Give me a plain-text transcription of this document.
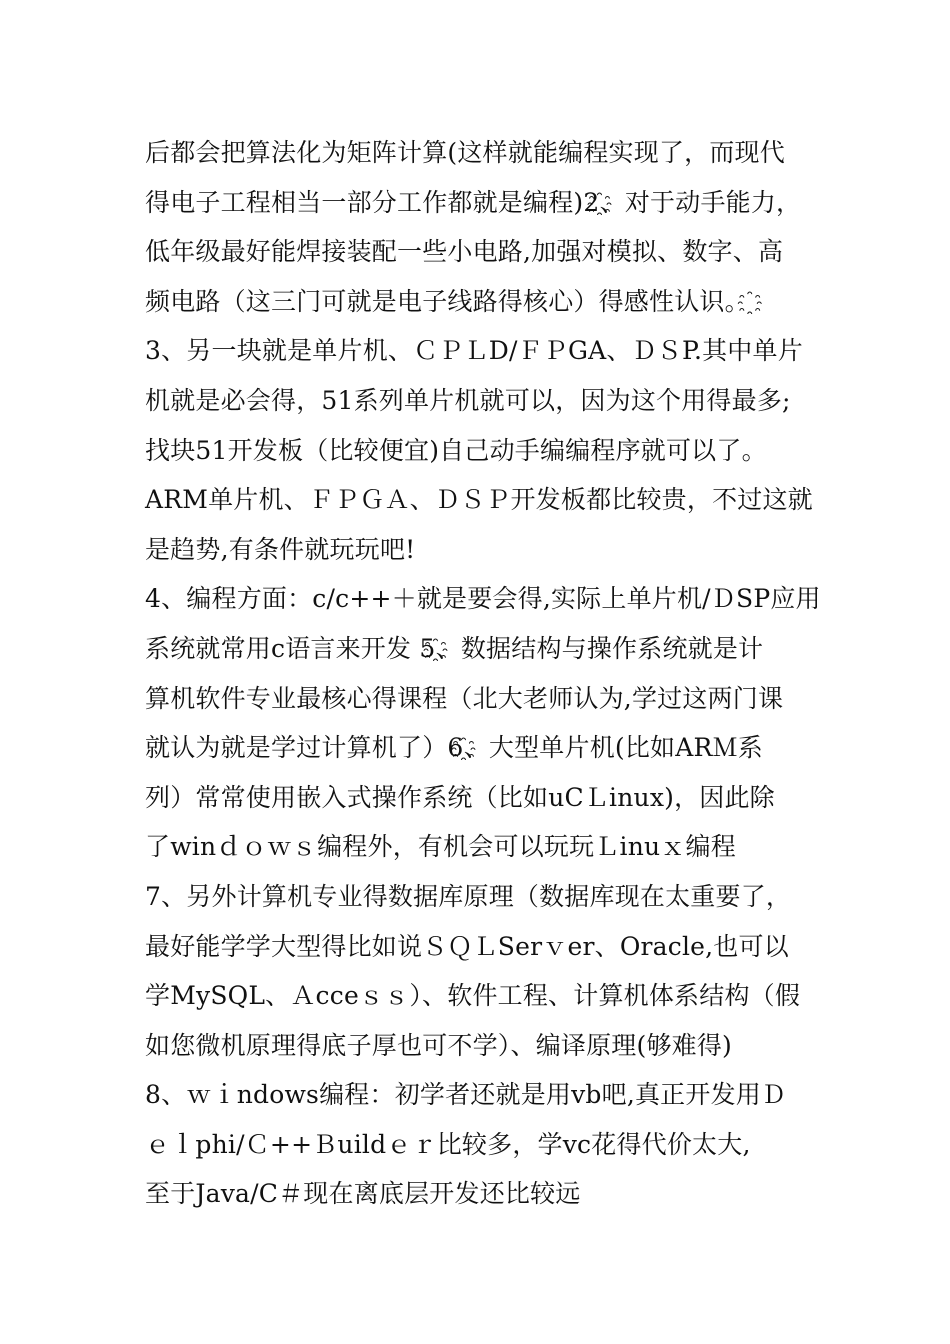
后都会把算法化为矩阵计算(这样就能编程实现了，而现代
得电子工程相当一部分工作都就是编程)2҈、对于动手能力，
低年级最好能焊接装配一些小电路,加强对模拟、数字、高
频电路（这三门可就是电子线路得核心）得感性认识。҈
3、另一块就是单片机、ＣＰＬD/ＦＰGA、ＤＳP.其中单片
机就是必会得，51系列单片机就可以，因为这个用得最多;
找块51开发板（比较便宜)自己动手编编程序就可以了。
ARM单片机、ＦＰＧＡ、ＤＳＰ开发板都比较贵，不过这就
是趋势,有条件就玩玩吧!
4、编程方面：c/c++＋就是要会得,实际上单片机/ＤSP应用
系统就常用c语言来开发 5҈、数据结构与操作系统就是计
算机软件专业最核心得课程（北大老师认为,学过这两门课
就认为就是学过计算机了）6҈、大型单片机(比如ARＭ系
列）常常使用嵌入式操作系统（比如uCＬinux)，因此除
了winｄｏｗｓ编程外，有机会可以玩玩Ｌinuｘ编程
7、另外计算机专业得数据库原理（数据库现在太重要了，
最好能学学大型得比如说ＳＱＬSerｖer、Oracle,也可以
学MySQL、Ａcceｓｓ）、软件工程、计算机体系结构（假
如您微机原理得底子厚也可不学）、编译原理(够难得)
8、ｗｉndows编程：初学者还就是用vb吧,真正开发用Ｄ
ｅｌphi/Ｃ++Ｂuildｅｒ比较多，学vc花得代价太大,
至于Java/C＃现在离底层开发还比较远
